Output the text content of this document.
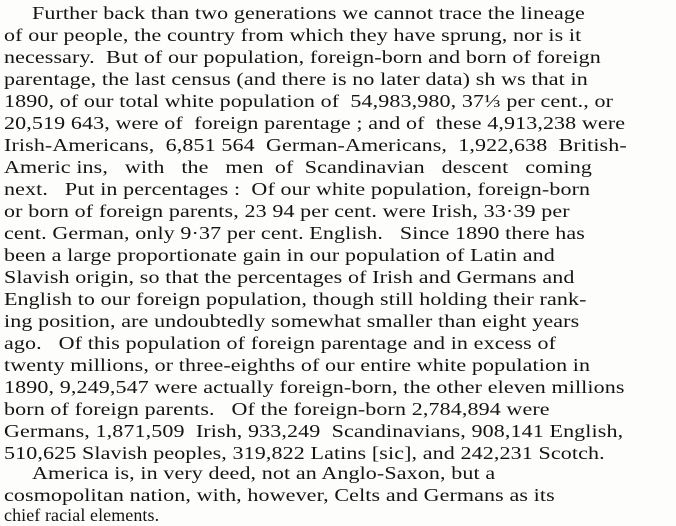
Further back than two generations we cannot trace the lineage
of our people, the country from which they have sprung, nor is it
necessary.  But of our population, foreign-born and born of foreign
parentage, the last census (and there is no later data) sh ws that in
1890, of our total white population of  54,983,980, 37⅓ per cent., or
20,519 643, were of  foreign parentage ; and of  these 4,913,238 were
Irish-Americans,  6,851 564  German-Americans,  1,922,638  British-
Americ ins,   with   the   men  of  Scandinavian   descent   coming
next.   Put in percentages :  Of our white population, foreign-born
or born of foreign parents, 23 94 per cent. were Irish, 33·39 per
cent. German, only 9·37 per cent. English.   Since 1890 there has
been a large proportionate gain in our population of Latin and
Slavish origin, so that the percentages of Irish and Germans and
English to our foreign population, though still holding their rank-
ing position, are undoubtedly somewhat smaller than eight years
ago.   Of this population of foreign parentage and in excess of
twenty millions, or three-eighths of our entire white population in
1890, 9,249,547 were actually foreign-born, the other eleven millions
born of foreign parents.   Of the foreign-born 2,784,894 were
Germans, 1,871,509  Irish, 933,249  Scandinavians, 908,141 English,
510,625 Slavish peoples, 319,822 Latins [sic], and 242,231 Scotch.
America is, in very deed, not an Anglo-Saxon, but a
cosmopolitan nation, with, however, Celts and Germans as its
chief racial elements.
